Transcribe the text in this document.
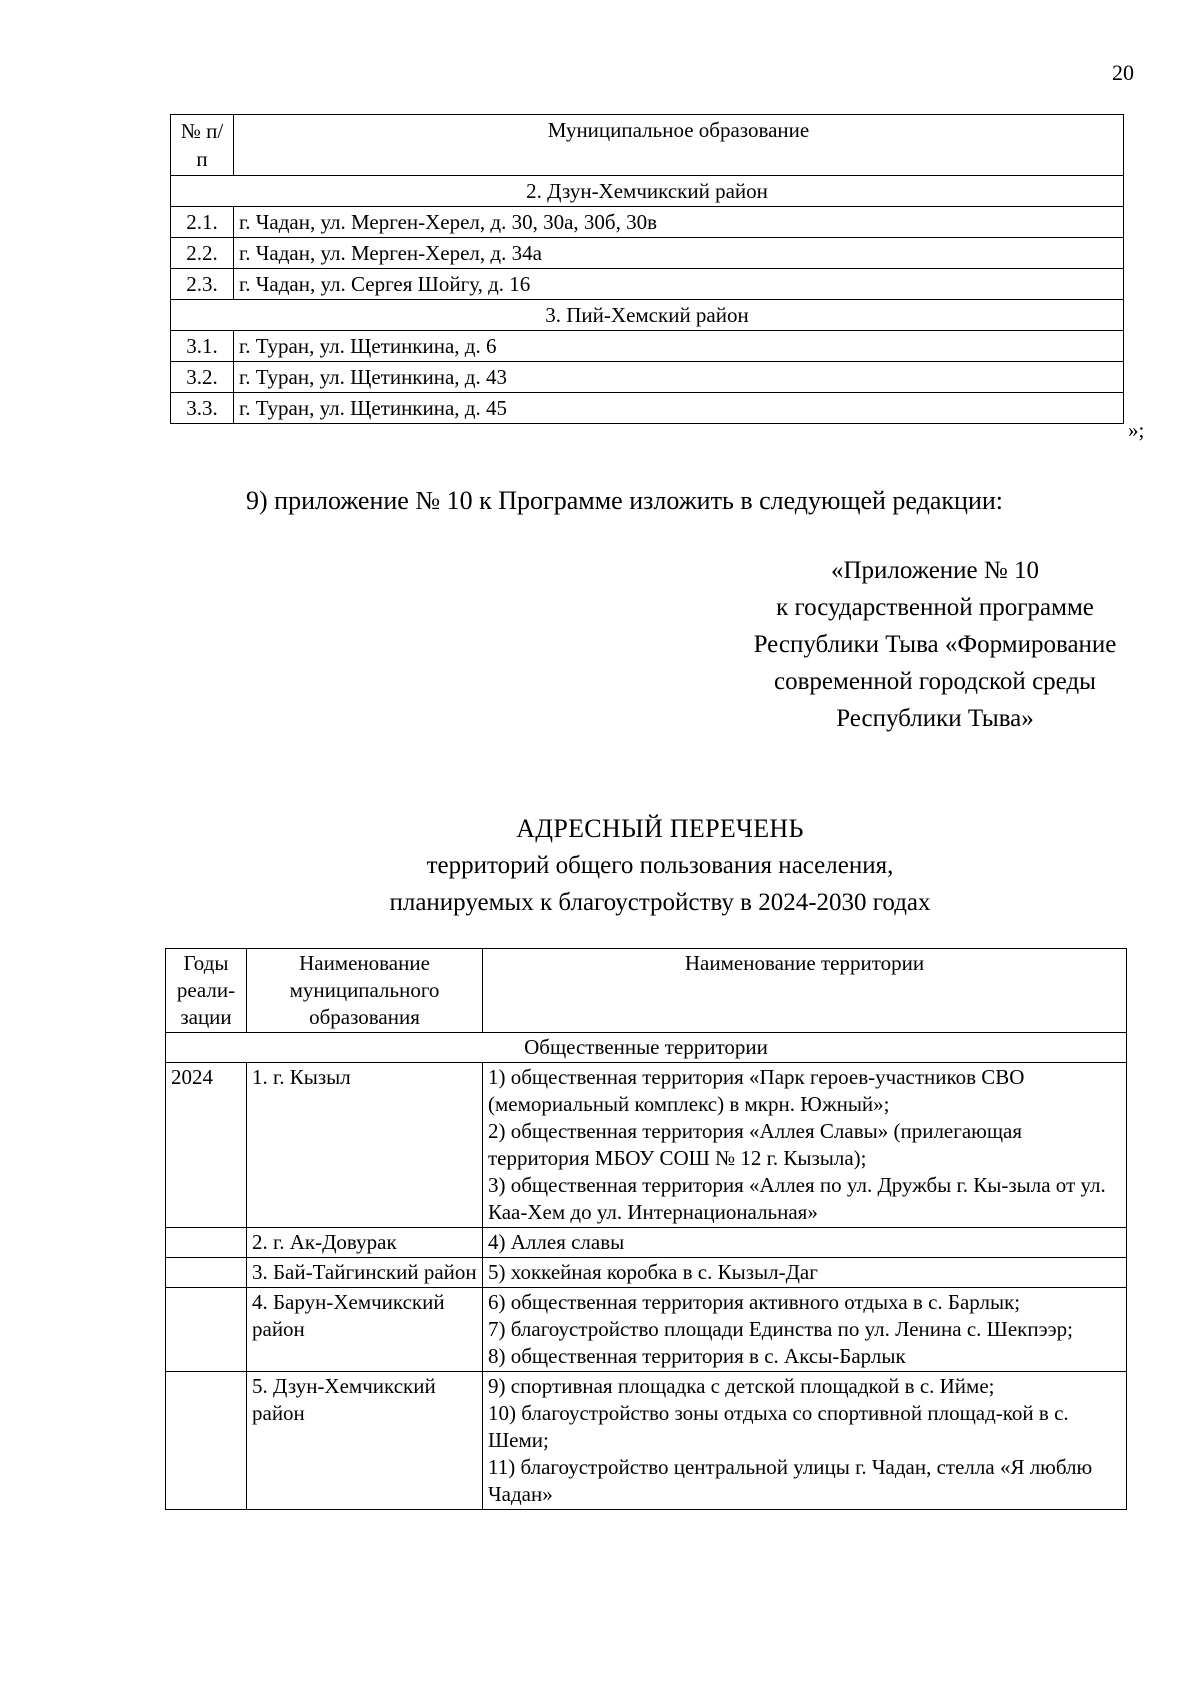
20
№ п/п	Муниципальное образование
2. Дзун-Хемчикский район	
2.1.	г. Чадан, ул. Мерген-Херел, д. 30, 30а, 30б, 30в
2.2.	г. Чадан, ул. Мерген-Херел, д. 34а
2.3.	г. Чадан, ул. Сергея Шойгу, д. 16
3. Пий-Хемский район	
3.1.	г. Туран, ул. Щетинкина, д. 6
3.2.	г. Туран, ул. Щетинкина, д. 43
3.3.	г. Туран, ул. Щетинкина, д. 45
»;
9) приложение № 10 к Программе изложить в следующей редакции:
«Приложение № 10
к государственной программе
Республики Тыва «Формирование
современной городской среды
Республики Тыва»
АДРЕСНЫЙ ПЕРЕЧЕНЬ
территорий общего пользования населения,
планируемых к благоустройству в 2024-2030 годах
Годы реали-зации	Наименование муниципального образования	Наименование территории
Общественные территории		
2024	1. г. Кызыл	1) общественная территория «Парк героев-участников СВО (мемориальный комплекс) в мкрн. Южный»;
2) общественная территория «Аллея Славы» (прилегающая территория МБОУ СОШ № 12 г. Кызыла);
3) общественная территория «Аллея по ул. Дружбы г. Кы-зыла от ул. Каа-Хем до ул. Интернациональная»

	2. г. Ак-Довурак	4) Аллея славы

	3. Бай-Тайгинский район	5) хоккейная коробка в с. Кызыл-Даг

	4. Барун-Хемчикский район	6) общественная территория активного отдыха в с. Барлык;
7) благоустройство площади Единства по ул. Ленина с. Шекпээр;
8) общественная территория в с. Аксы-Барлык

	5. Дзун-Хемчикский район	9) спортивная площадка с детской площадкой в с. Ийме;
10) благоустройство зоны отдыха со спортивной площад-кой в с. Шеми;
11) благоустройство центральной улицы г. Чадан, стелла «Я люблю Чадан»
